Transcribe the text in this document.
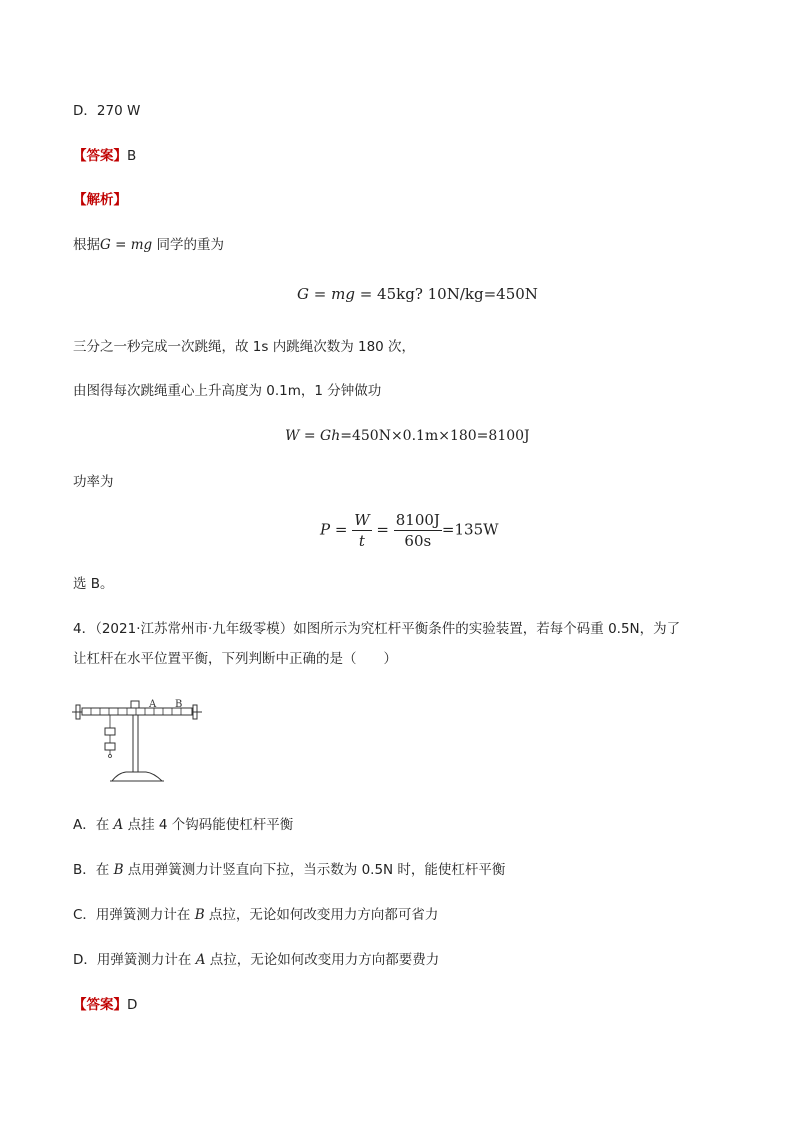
D．270 W
【答案】B
【解析】
根据G = mg 同学的重为
G = mg = 45kg? 10N/kg=450N
三分之一秒完成一次跳绳，故 1s 内跳绳次数为 180 次，
由图得每次跳绳重心上升高度为 0.1m，1 分钟做功
W = Gh=450N×0.1m×180=8100J
功率为
$P = \frac{W}{t} = \frac{8100J}{60s} =135W$
选 B。
4．（2021·江苏常州市·九年级零模）如图所示为究杠杆平衡条件的实验装置，若每个码重 0.5N，为了
让杠杆在水平位置平衡，下列判断中正确的是（　　）
A B
A．在 A 点挂 4 个钩码能使杠杆平衡
B．在 B 点用弹簧测力计竖直向下拉，当示数为 0.5N 时，能使杠杆平衡
C．用弹簧测力计在 B 点拉，无论如何改变用力方向都可省力
D．用弹簧测力计在 A 点拉，无论如何改变用力方向都要费力
【答案】D
